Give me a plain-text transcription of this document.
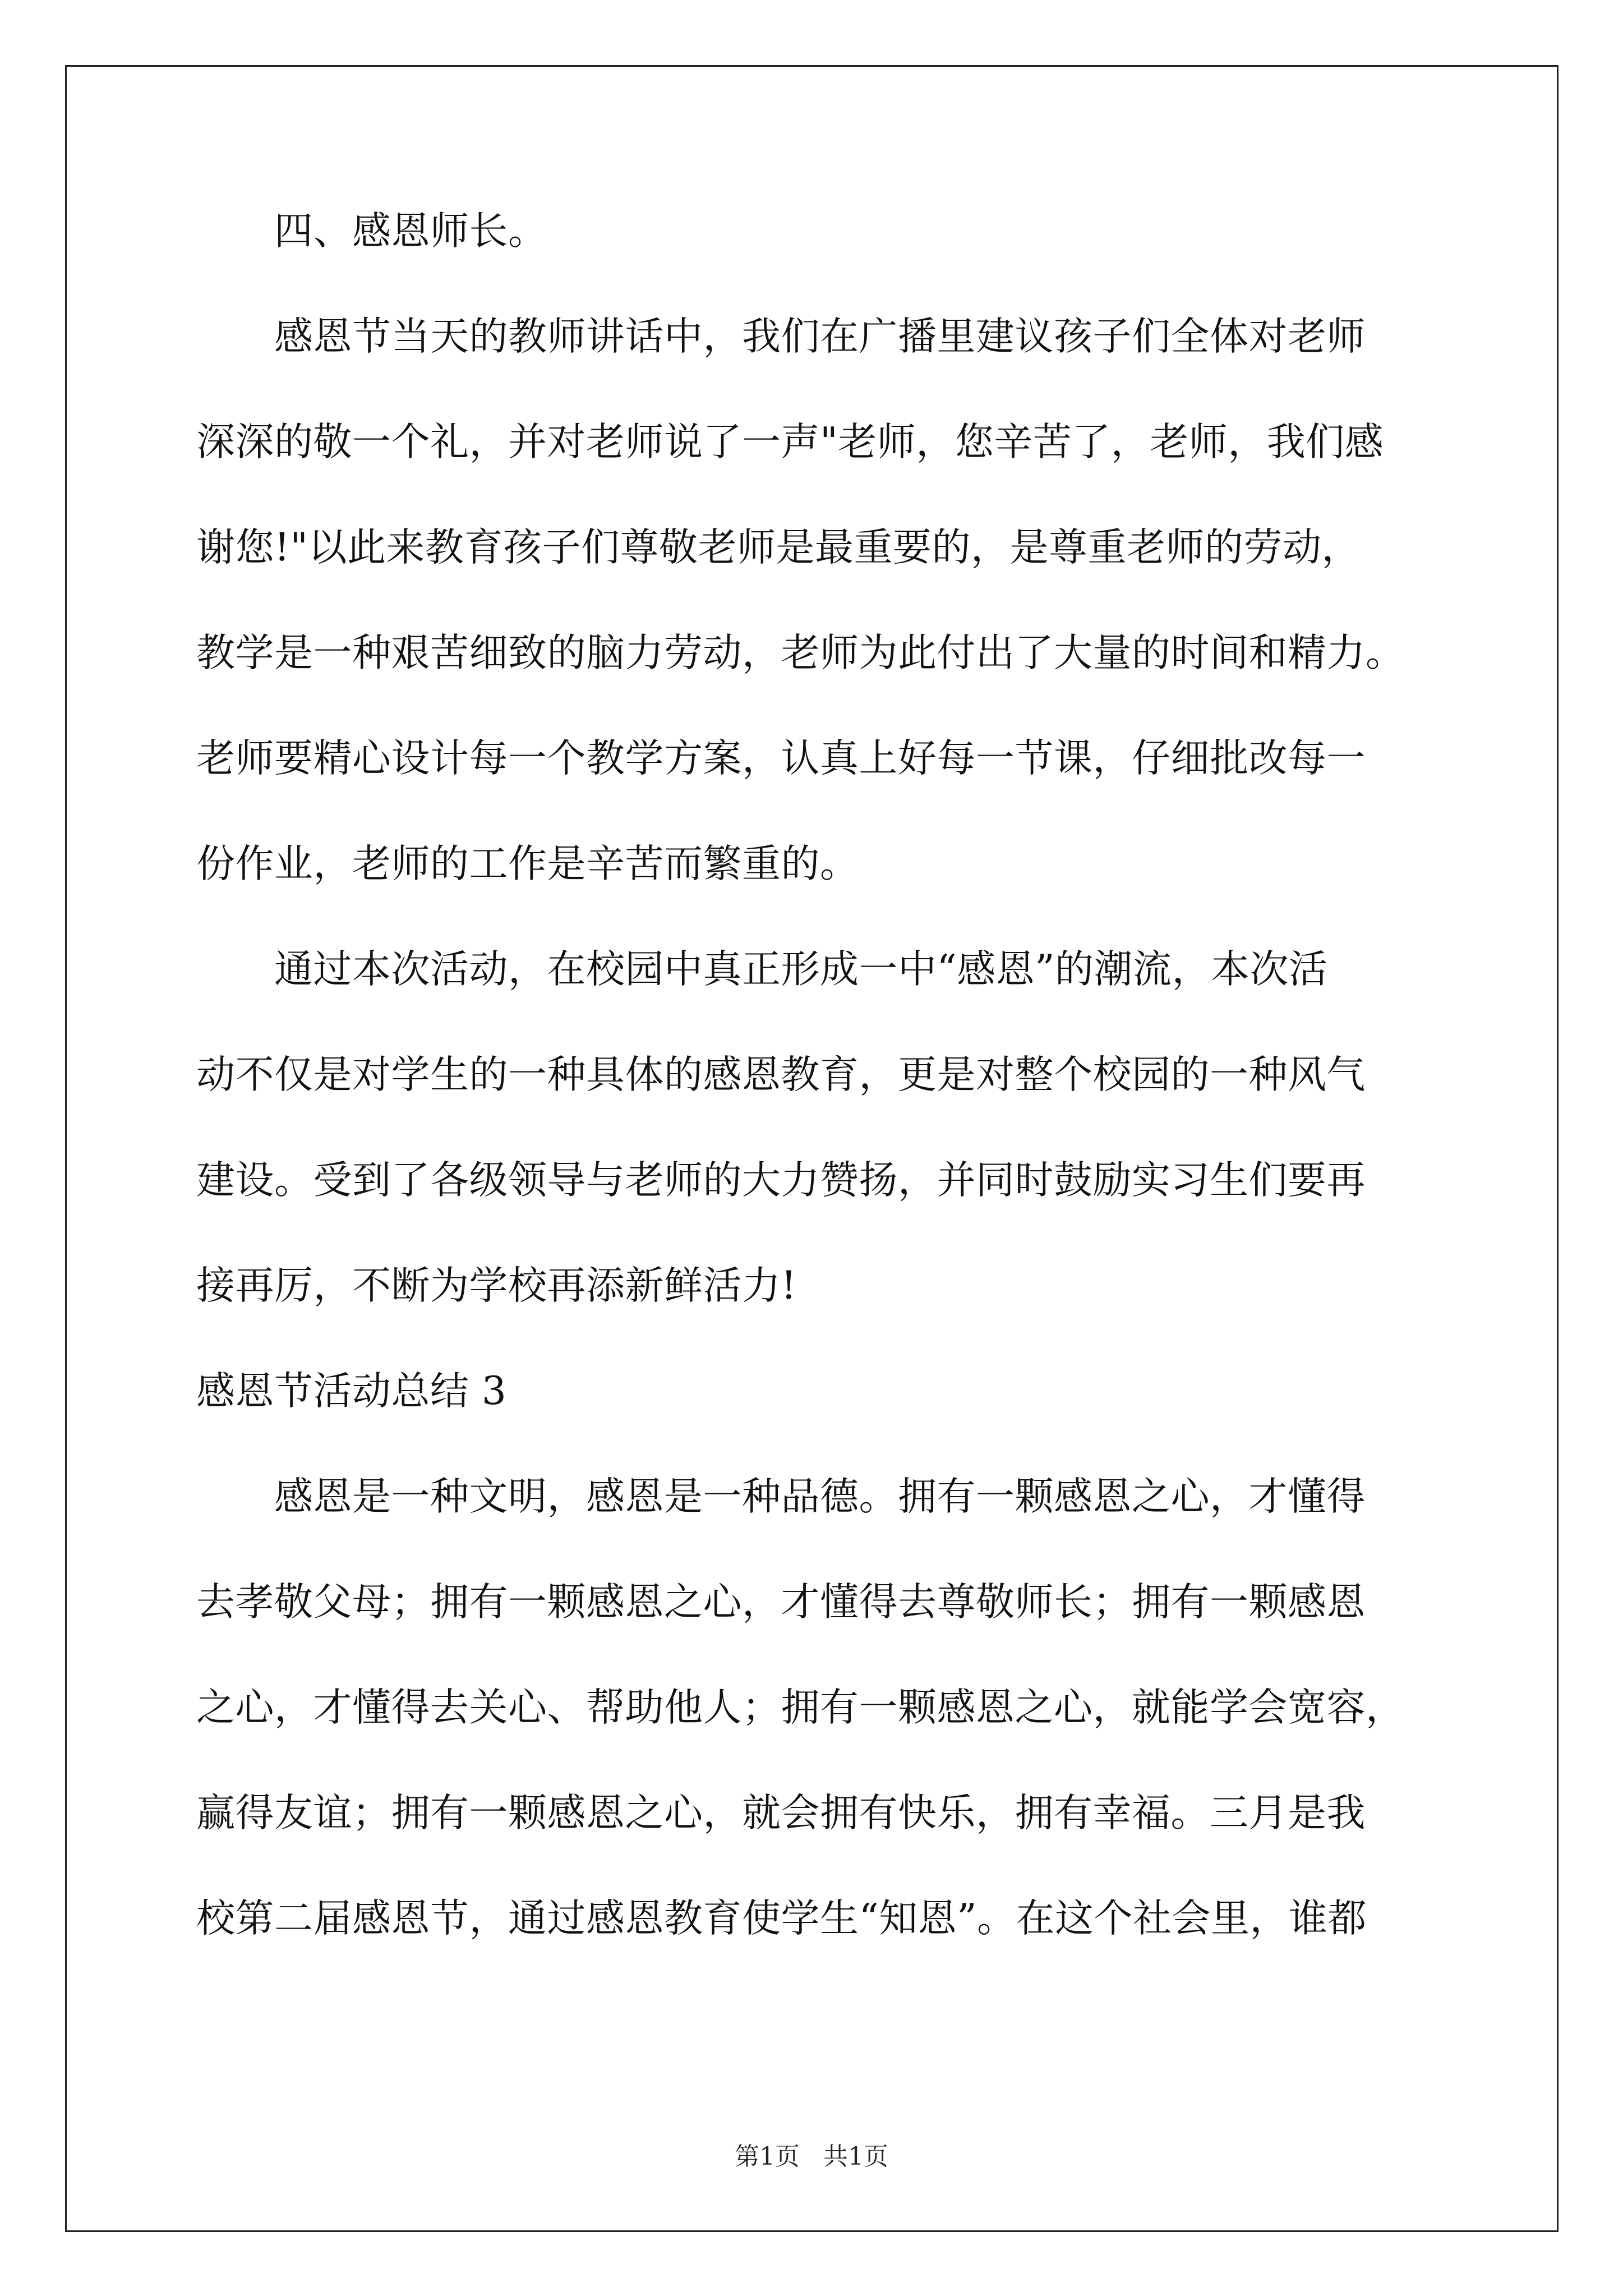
　　四、感恩师长。
　　感恩节当天的教师讲话中，我们在广播里建议孩子们全体对老师
深深的敬一个礼，并对老师说了一声"老师，您辛苦了，老师，我们感
谢您!"以此来教育孩子们尊敬老师是最重要的，是尊重老师的劳动，
教学是一种艰苦细致的脑力劳动，老师为此付出了大量的时间和精力。
老师要精心设计每一个教学方案，认真上好每一节课，仔细批改每一
份作业，老师的工作是辛苦而繁重的。
　　通过本次活动，在校园中真正形成一中“感恩”的潮流，本次活
动不仅是对学生的一种具体的感恩教育，更是对整个校园的一种风气
建设。受到了各级领导与老师的大力赞扬，并同时鼓励实习生们要再
接再厉，不断为学校再添新鲜活力!
感恩节活动总结 3
　　感恩是一种文明，感恩是一种品德。拥有一颗感恩之心，才懂得
去孝敬父母；拥有一颗感恩之心，才懂得去尊敬师长；拥有一颗感恩
之心，才懂得去关心、帮助他人；拥有一颗感恩之心，就能学会宽容，
赢得友谊；拥有一颗感恩之心，就会拥有快乐，拥有幸福。三月是我
校第二届感恩节，通过感恩教育使学生“知恩”。在这个社会里，谁都
第1页   共1页
